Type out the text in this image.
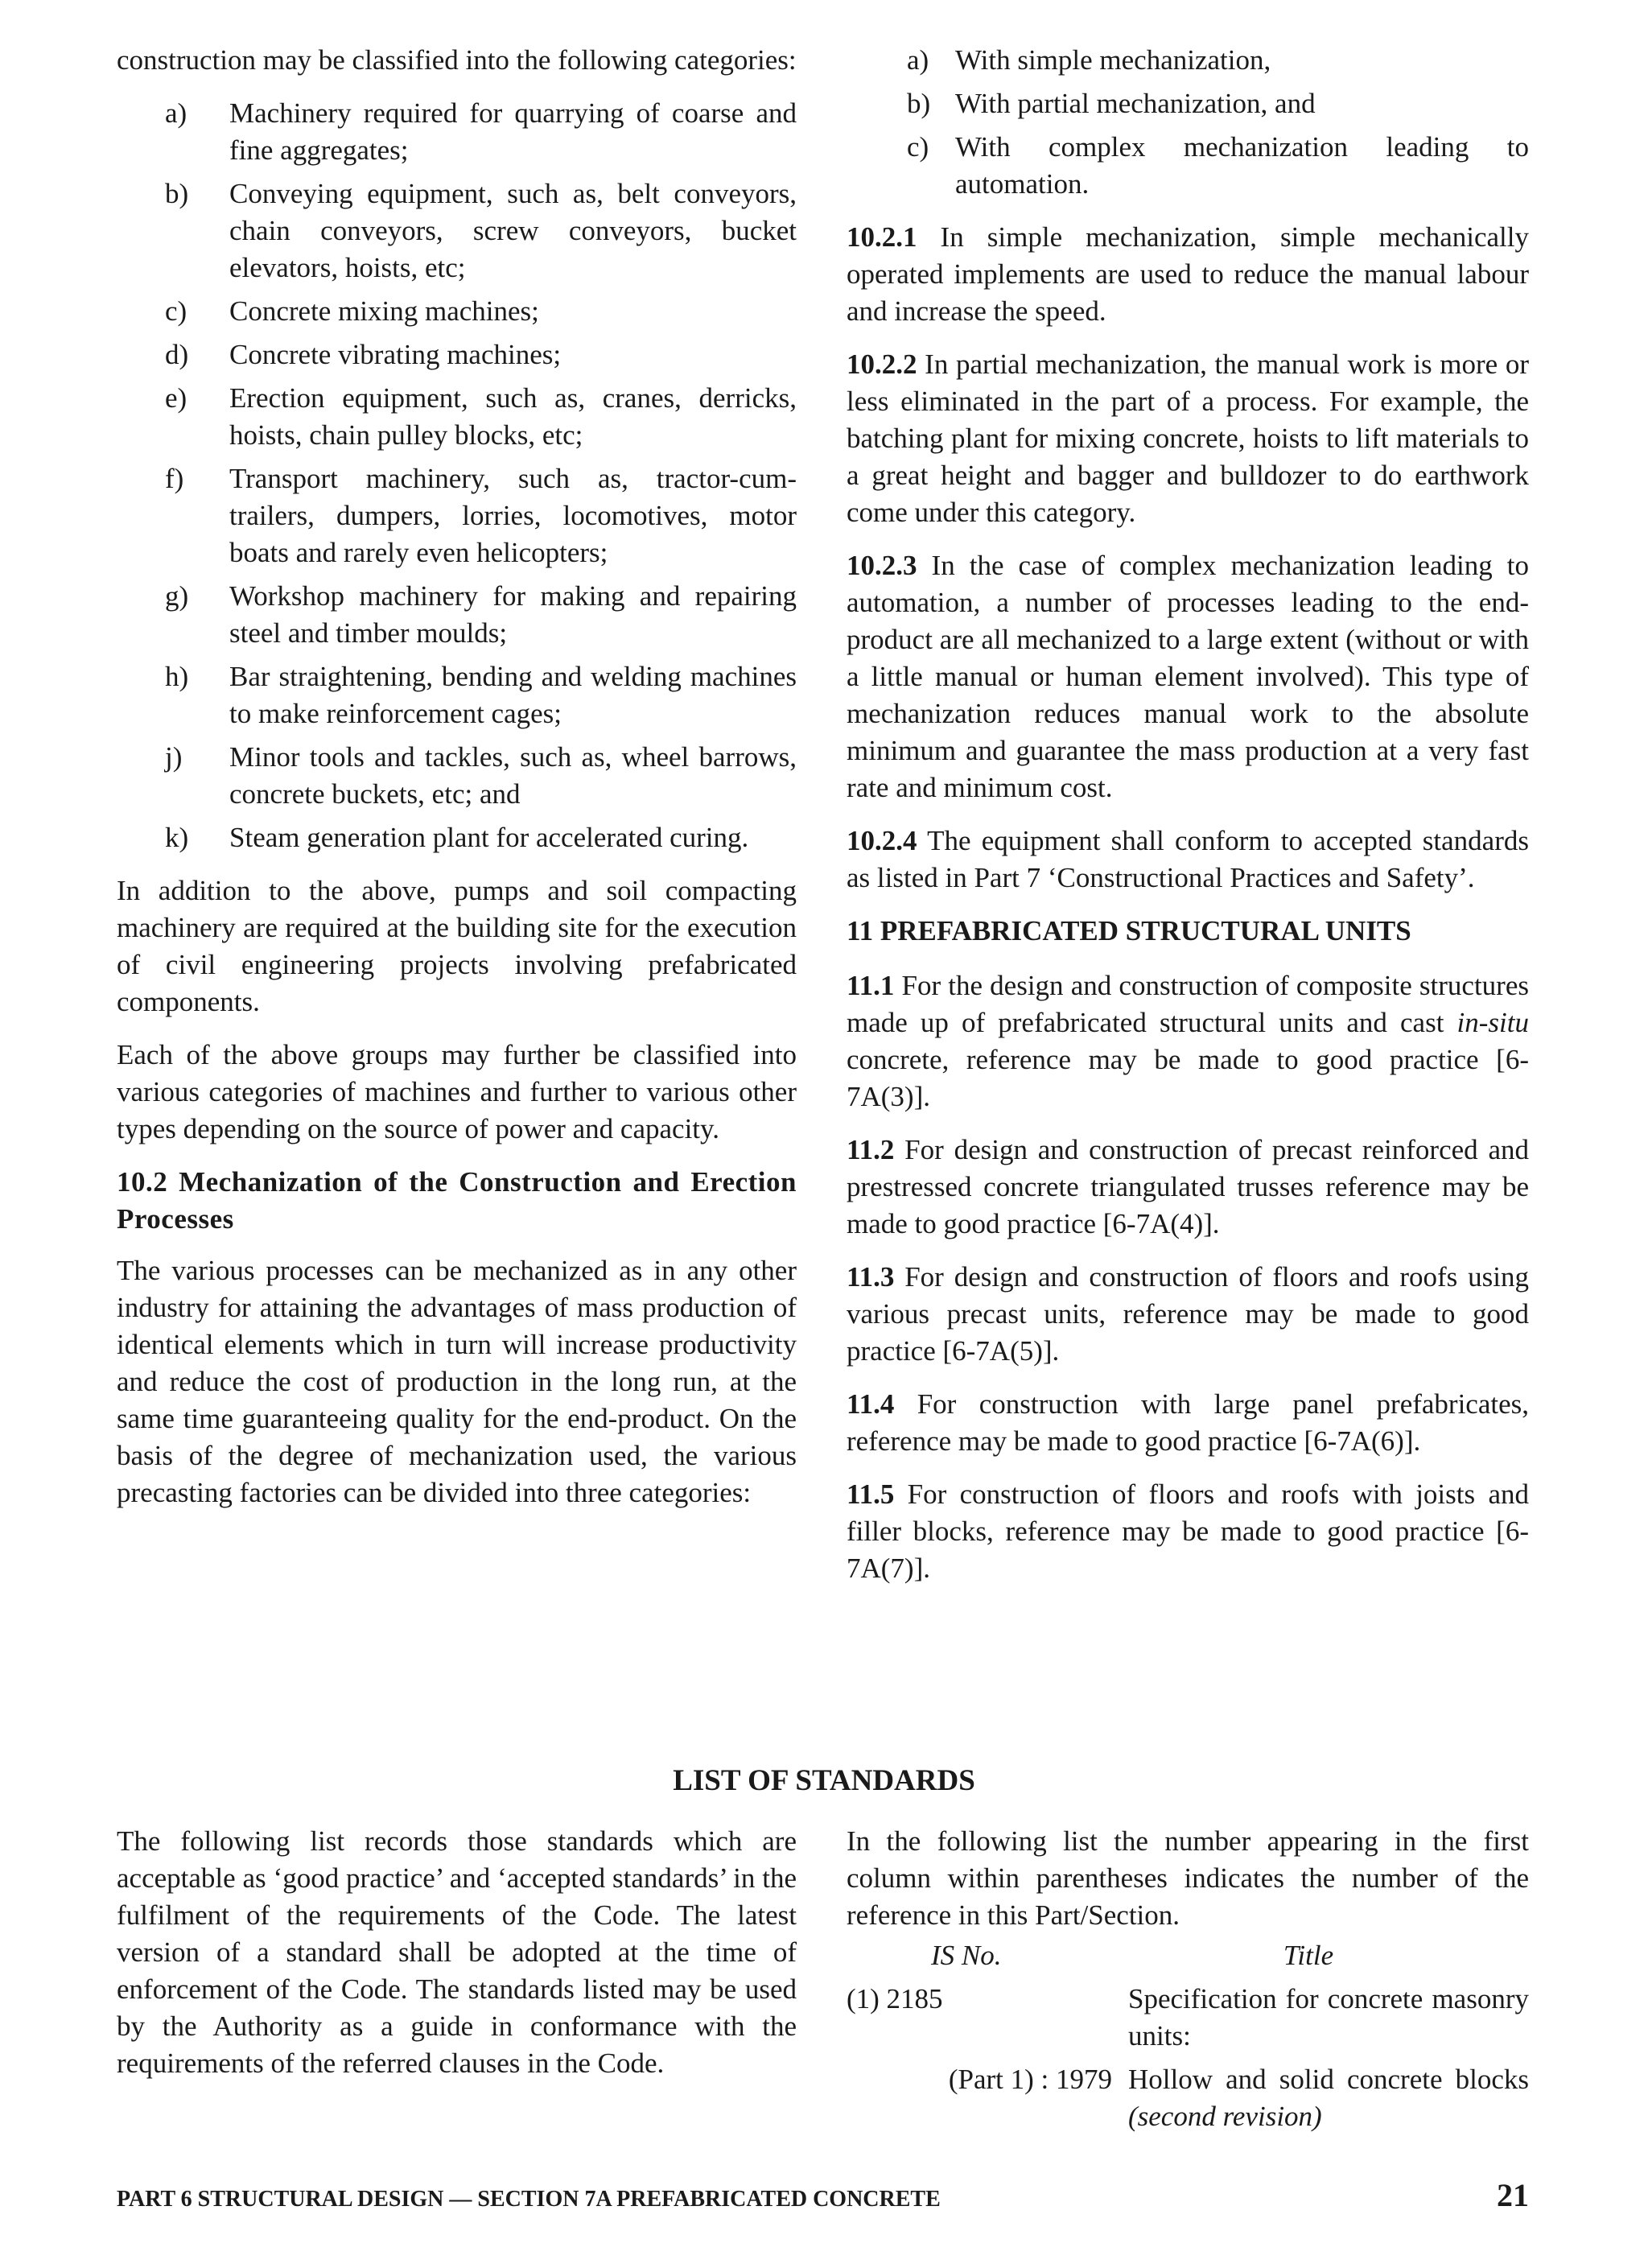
construction may be classified into the following categories:

a)	Machinery required for quarrying of coarse and fine aggregates;
b)	Conveying equipment, such as, belt conveyors, chain conveyors, screw conveyors, bucket elevators, hoists, etc;
c)	Concrete mixing machines;
d)	Concrete vibrating machines;
e)	Erection equipment, such as, cranes, derricks, hoists, chain pulley blocks, etc;
f)	Transport machinery, such as, tractor-cum-trailers, dumpers, lorries, locomotives, motor boats and rarely even helicopters;
g)	Workshop machinery for making and repairing steel and timber moulds;
h)	Bar straightening, bending and welding machines to make reinforcement cages;
j)	Minor tools and tackles, such as, wheel barrows, concrete buckets, etc; and
k)	Steam generation plant for accelerated curing.

In addition to the above, pumps and soil compacting machinery are required at the building site for the execution of civil engineering projects involving prefabricated components.

Each of the above groups may further be classified into various categories of machines and further to various other types depending on the source of power and capacity.

10.2 Mechanization of the Construction and Erection Processes

The various processes can be mechanized as in any other industry for attaining the advantages of mass production of identical elements which in turn will increase productivity and reduce the cost of production in the long run, at the same time guaranteeing quality for the end-product. On the basis of the degree of mechanization used, the various precasting factories can be divided into three categories:

a) With simple mechanization,
b) With partial mechanization, and
c) With complex mechanization leading to automation.

10.2.1 In simple mechanization, simple mechanically operated implements are used to reduce the manual labour and increase the speed.

10.2.2 In partial mechanization, the manual work is more or less eliminated in the part of a process. For example, the batching plant for mixing concrete, hoists to lift materials to a great height and bagger and bulldozer to do earthwork come under this category.

10.2.3 In the case of complex mechanization leading to automation, a number of processes leading to the end-product are all mechanized to a large extent (without or with a little manual or human element involved). This type of mechanization reduces manual work to the absolute minimum and guarantee the mass production at a very fast rate and minimum cost.

10.2.4 The equipment shall conform to accepted standards as listed in Part 7 ‘Constructional Practices and Safety’.

11 PREFABRICATED STRUCTURAL UNITS

11.1 For the design and construction of composite structures made up of prefabricated structural units and cast in-situ concrete, reference may be made to good practice [6-7A(3)].

11.2 For design and construction of precast reinforced and prestressed concrete triangulated trusses reference may be made to good practice [6-7A(4)].

11.3 For design and construction of floors and roofs using various precast units, reference may be made to good practice [6-7A(5)].

11.4 For construction with large panel prefabricates, reference may be made to good practice [6-7A(6)].

11.5 For construction of floors and roofs with joists and filler blocks, reference may be made to good practice [6-7A(7)].

LIST OF STANDARDS

The following list records those standards which are acceptable as ‘good practice’ and ‘accepted standards’ in the fulfilment of the requirements of the Code. The latest version of a standard shall be adopted at the time of enforcement of the Code. The standards listed may be used by the Authority as a guide in conformance with the requirements of the referred clauses in the Code.

In the following list the number appearing in the first column within parentheses indicates the number of the reference in this Part/Section.

IS No.	Title
(1) 2185	Specification for concrete masonry units:
(Part 1) : 1979 Hollow and solid concrete blocks (second revision)
PART 6 STRUCTURAL DESIGN — SECTION 7A PREFABRICATED CONCRETE	21
